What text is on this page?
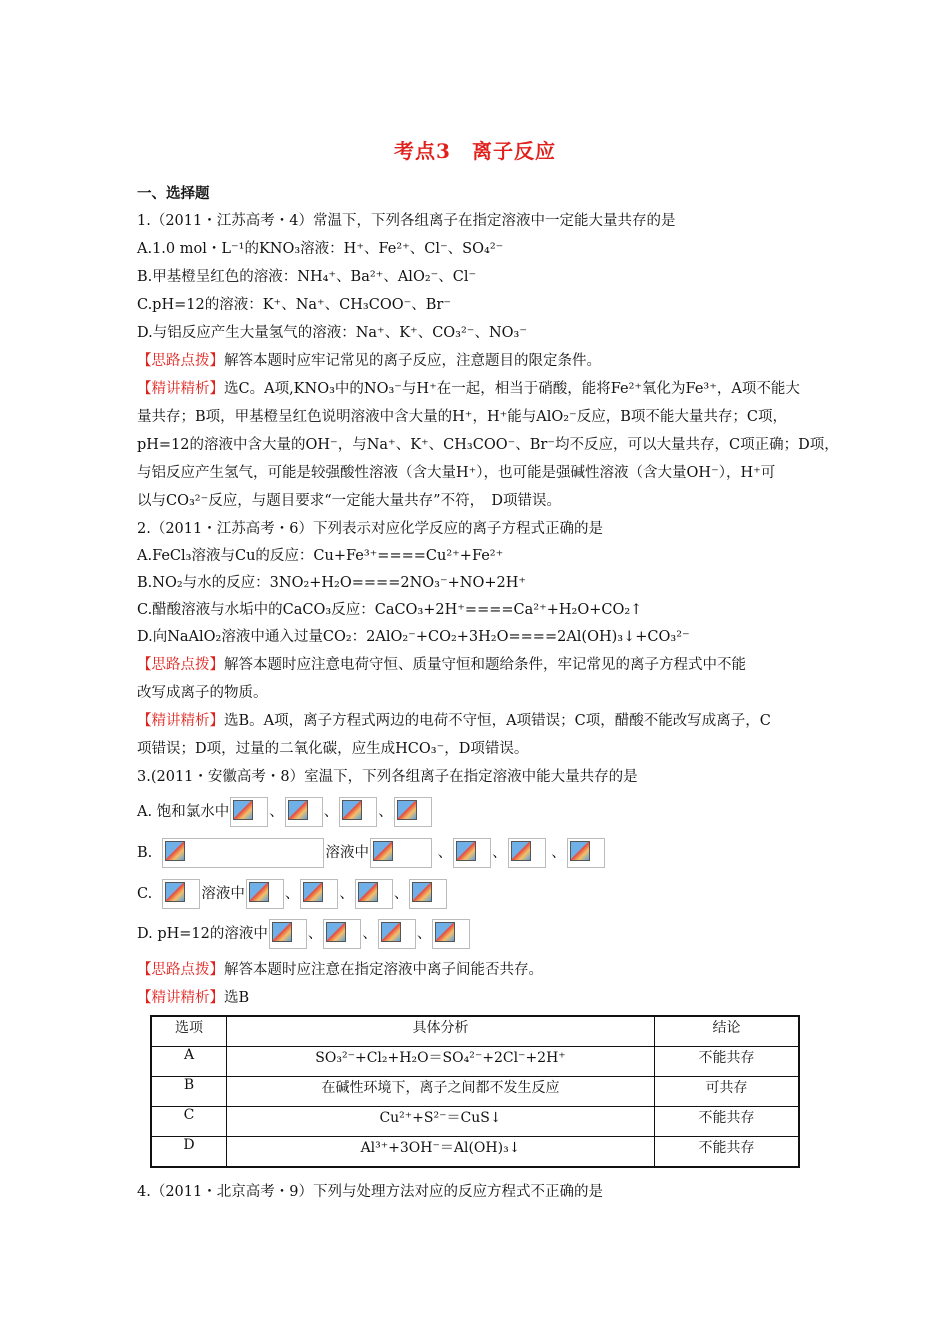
考点3　离子反应
一、选择题
1.（2011・江苏高考・4）常温下，下列各组离子在指定溶液中一定能大量共存的是
A.1.0 mol・L⁻¹的KNO₃溶液：H⁺、Fe²⁺、Cl⁻、SO₄²⁻
B.甲基橙呈红色的溶液：NH₄⁺、Ba²⁺、AlO₂⁻、Cl⁻
C.pH=12的溶液：K⁺、Na⁺、CH₃COO⁻、Br⁻
D.与铝反应产生大量氢气的溶液：Na⁺、K⁺、CO₃²⁻、NO₃⁻
【思路点拨】解答本题时应牢记常见的离子反应，注意题目的限定条件。
【精讲精析】选C。A项,KNO₃中的NO₃⁻与H⁺在一起，相当于硝酸，能将Fe²⁺氧化为Fe³⁺，A项不能大
量共存；B项，甲基橙呈红色说明溶液中含大量的H⁺，H⁺能与AlO₂⁻反应，B项不能大量共存；C项，
pH=12的溶液中含大量的OH⁻，与Na⁺、K⁺、CH₃COO⁻、Br⁻均不反应，可以大量共存，C项正确；D项，
与铝反应产生氢气，可能是较强酸性溶液（含大量H⁺），也可能是强碱性溶液（含大量OH⁻），H⁺可
以与CO₃²⁻反应，与题目要求“一定能大量共存”不符，　D项错误。
2.（2011・江苏高考・6）下列表示对应化学反应的离子方程式正确的是
A.FeCl₃溶液与Cu的反应：Cu+Fe³⁺====Cu²⁺+Fe²⁺
B.NO₂与水的反应：3NO₂+H₂O====2NO₃⁻+NO+2H⁺
C.醋酸溶液与水垢中的CaCO₃反应：CaCO₃+2H⁺====Ca²⁺+H₂O+CO₂↑
D.向NaAlO₂溶液中通入过量CO₂：2AlO₂⁻+CO₂+3H₂O====2Al(OH)₃↓+CO₃²⁻
【思路点拨】解答本题时应注意电荷守恒、质量守恒和题给条件，牢记常见的离子方程式中不能
改写成离子的物质。
【精讲精析】选B。A项，离子方程式两边的电荷不守恒，A项错误；C项，醋酸不能改写成离子，C
项错误；D项，过量的二氧化碳，应生成HCO₃⁻，D项错误。
3.(2011・安徽高考・8）室温下，下列各组离子在指定溶液中能大量共存的是
A. 饱和氯水中	、	、	、
B.	溶液中	、	、	、
C.	溶液中	、	、	、
D. pH=12的溶液中	、	、	、
【思路点拨】解答本题时应注意在指定溶液中离子间能否共存。
【精讲精析】选B
选项	具体分析	结论
A	SO₃²⁻+Cl₂+H₂O＝SO₄²⁻+2Cl⁻+2H⁺	不能共存
B	在碱性环境下，离子之间都不发生反应	可共存
C	Cu²⁺+S²⁻＝CuS↓	不能共存
D	Al³⁺+3OH⁻＝Al(OH)₃↓	不能共存
4.（2011・北京高考・9）下列与处理方法对应的反应方程式不正确的是
